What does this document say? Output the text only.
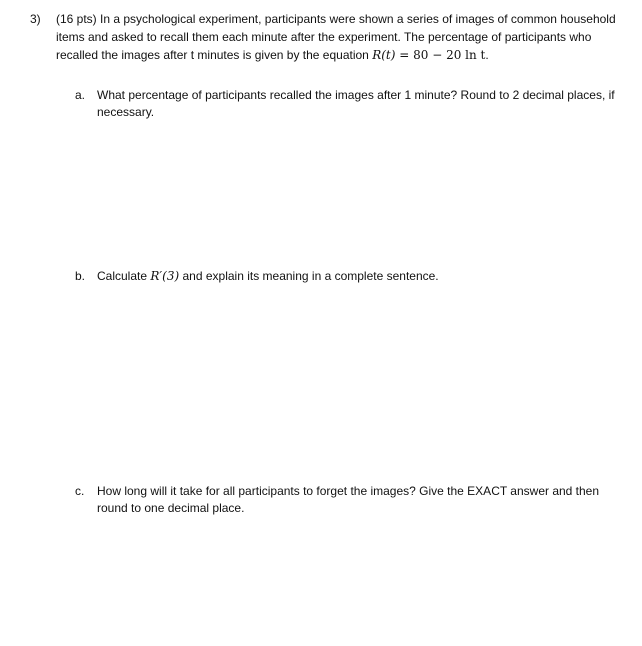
3) (16 pts) In a psychological experiment, participants were shown a series of images of common household items and asked to recall them each minute after the experiment. The percentage of participants who recalled the images after t minutes is given by the equation R(t) = 80 − 20 ln t.
a. What percentage of participants recalled the images after 1 minute? Round to 2 decimal places, if necessary.
b. Calculate R′(3) and explain its meaning in a complete sentence.
c. How long will it take for all participants to forget the images? Give the EXACT answer and then round to one decimal place.
